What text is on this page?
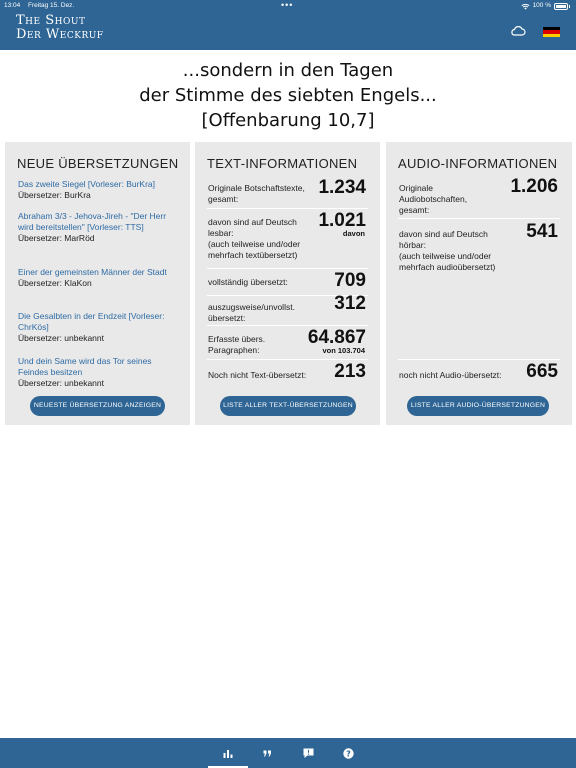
13:04 Freitag 15. Dez.	•••	100 %
The Shout
Der Weckruf
...sondern in den Tagen
der Stimme des siebten Engels...
[Offenbarung 10,7]
NEUE ÜBERSETZUNGEN
Das zweite Siegel [Vorleser: BurKra]
Übersetzer: BurKra
Abraham 3/3 - Jehova-Jireh - "Der Herr wird bereitstellen" [Vorleser: TTS]
Übersetzer: MarRöd
Einer der gemeinsten Männer der Stadt
Übersetzer: KlaKon
Die Gesalbten in der Endzeit [Vorleser: ChrKös]
Übersetzer: unbekannt
Und dein Same wird das Tor seines Feindes besitzen
Übersetzer: unbekannt
NEUESTE ÜBERSETZUNG ANZEIGEN
TEXT-INFORMATIONEN
Originale Botschaftstexte, gesamt:
1.234
davon sind auf Deutsch lesbar:
(auch teilweise und/oder mehrfach textübersetzt)
1.021
davon
vollständig übersetzt:	709
auszugsweise/unvollst. übersetzt:
312
Erfasste übers. Paragraphen:
64.867
von 103.704
Noch nicht Text-übersetzt:	213
LISTE ALLER TEXT-ÜBERSETZUNGEN
AUDIO-INFORMATIONEN
Originale Audiobotschaften, gesamt:
1.206
davon sind auf Deutsch hörbar:
(auch teilweise und/oder mehrfach audioübersetzt)
541
noch nicht Audio-übersetzt:	665
LISTE ALLER AUDIO-ÜBERSETZUNGEN
?
